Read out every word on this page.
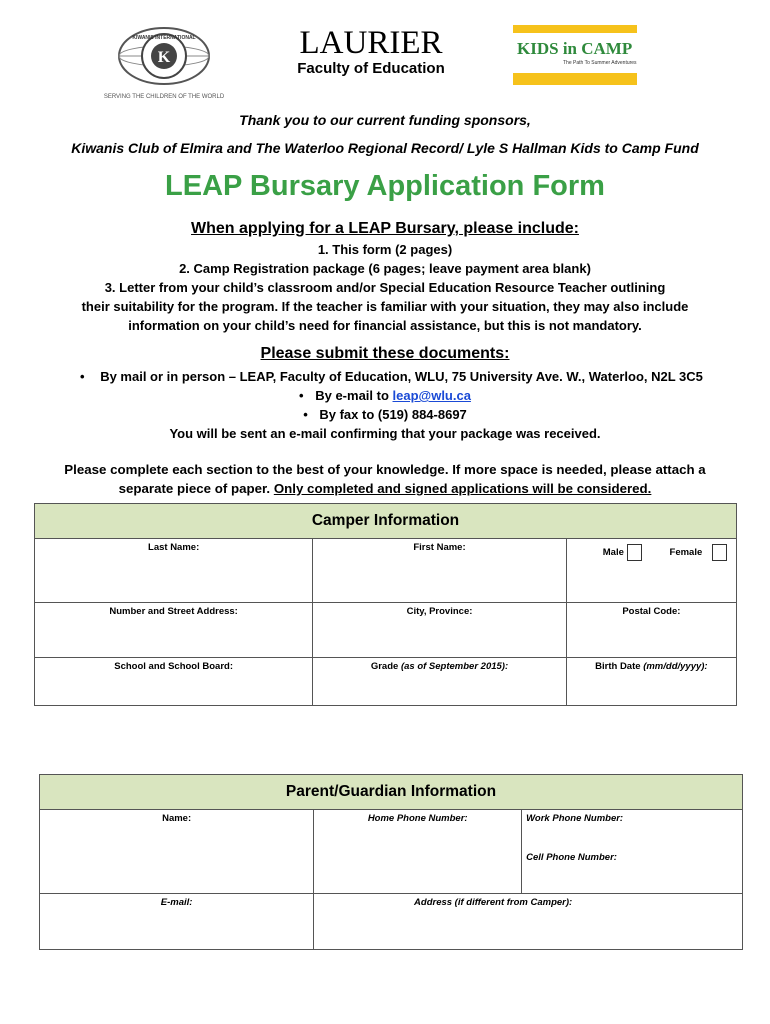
K
KIWANIS INTERNATIONAL
SERVING THE CHILDREN OF THE WORLD
LAURIER
Faculty of Education
KIDS in CAMP
The Path To Summer Adventures
Thank you to our current funding sponsors,
Kiwanis Club of Elmira and The Waterloo Regional Record/ Lyle S Hallman Kids to Camp Fund
LEAP Bursary Application Form
When applying for a LEAP Bursary, please include:
1. This form (2 pages)
2. Camp Registration package (6 pages; leave payment area blank)
3. Letter from your child’s classroom and/or Special Education Resource Teacher outlining
their suitability for the program. If the teacher is familiar with your situation, they may also include
information on your child’s need for financial assistance, but this is not mandatory.
Please submit these documents:
• By mail or in person – LEAP, Faculty of Education, WLU, 75 University Ave. W., Waterloo, N2L 3C5
• By e-mail to leap@wlu.ca
• By fax to (519) 884-8697
You will be sent an e-mail confirming that your package was received.
Please complete each section to the best of your knowledge. If more space is needed, please attach a
separate piece of paper. Only completed and signed applications will be considered.
Camper Information		

Last Name:	First Name:	Male Female

Number and Street Address:	City, Province:	Postal Code:

School and School Board:	Grade (as of September 2015):	Birth Date (mm/dd/yyyy):
Parent/Guardian Information		

Name:	Home Phone Number:	Work Phone Number:
Cell Phone Number:

E-mail:	Address (if different from Camper):	
